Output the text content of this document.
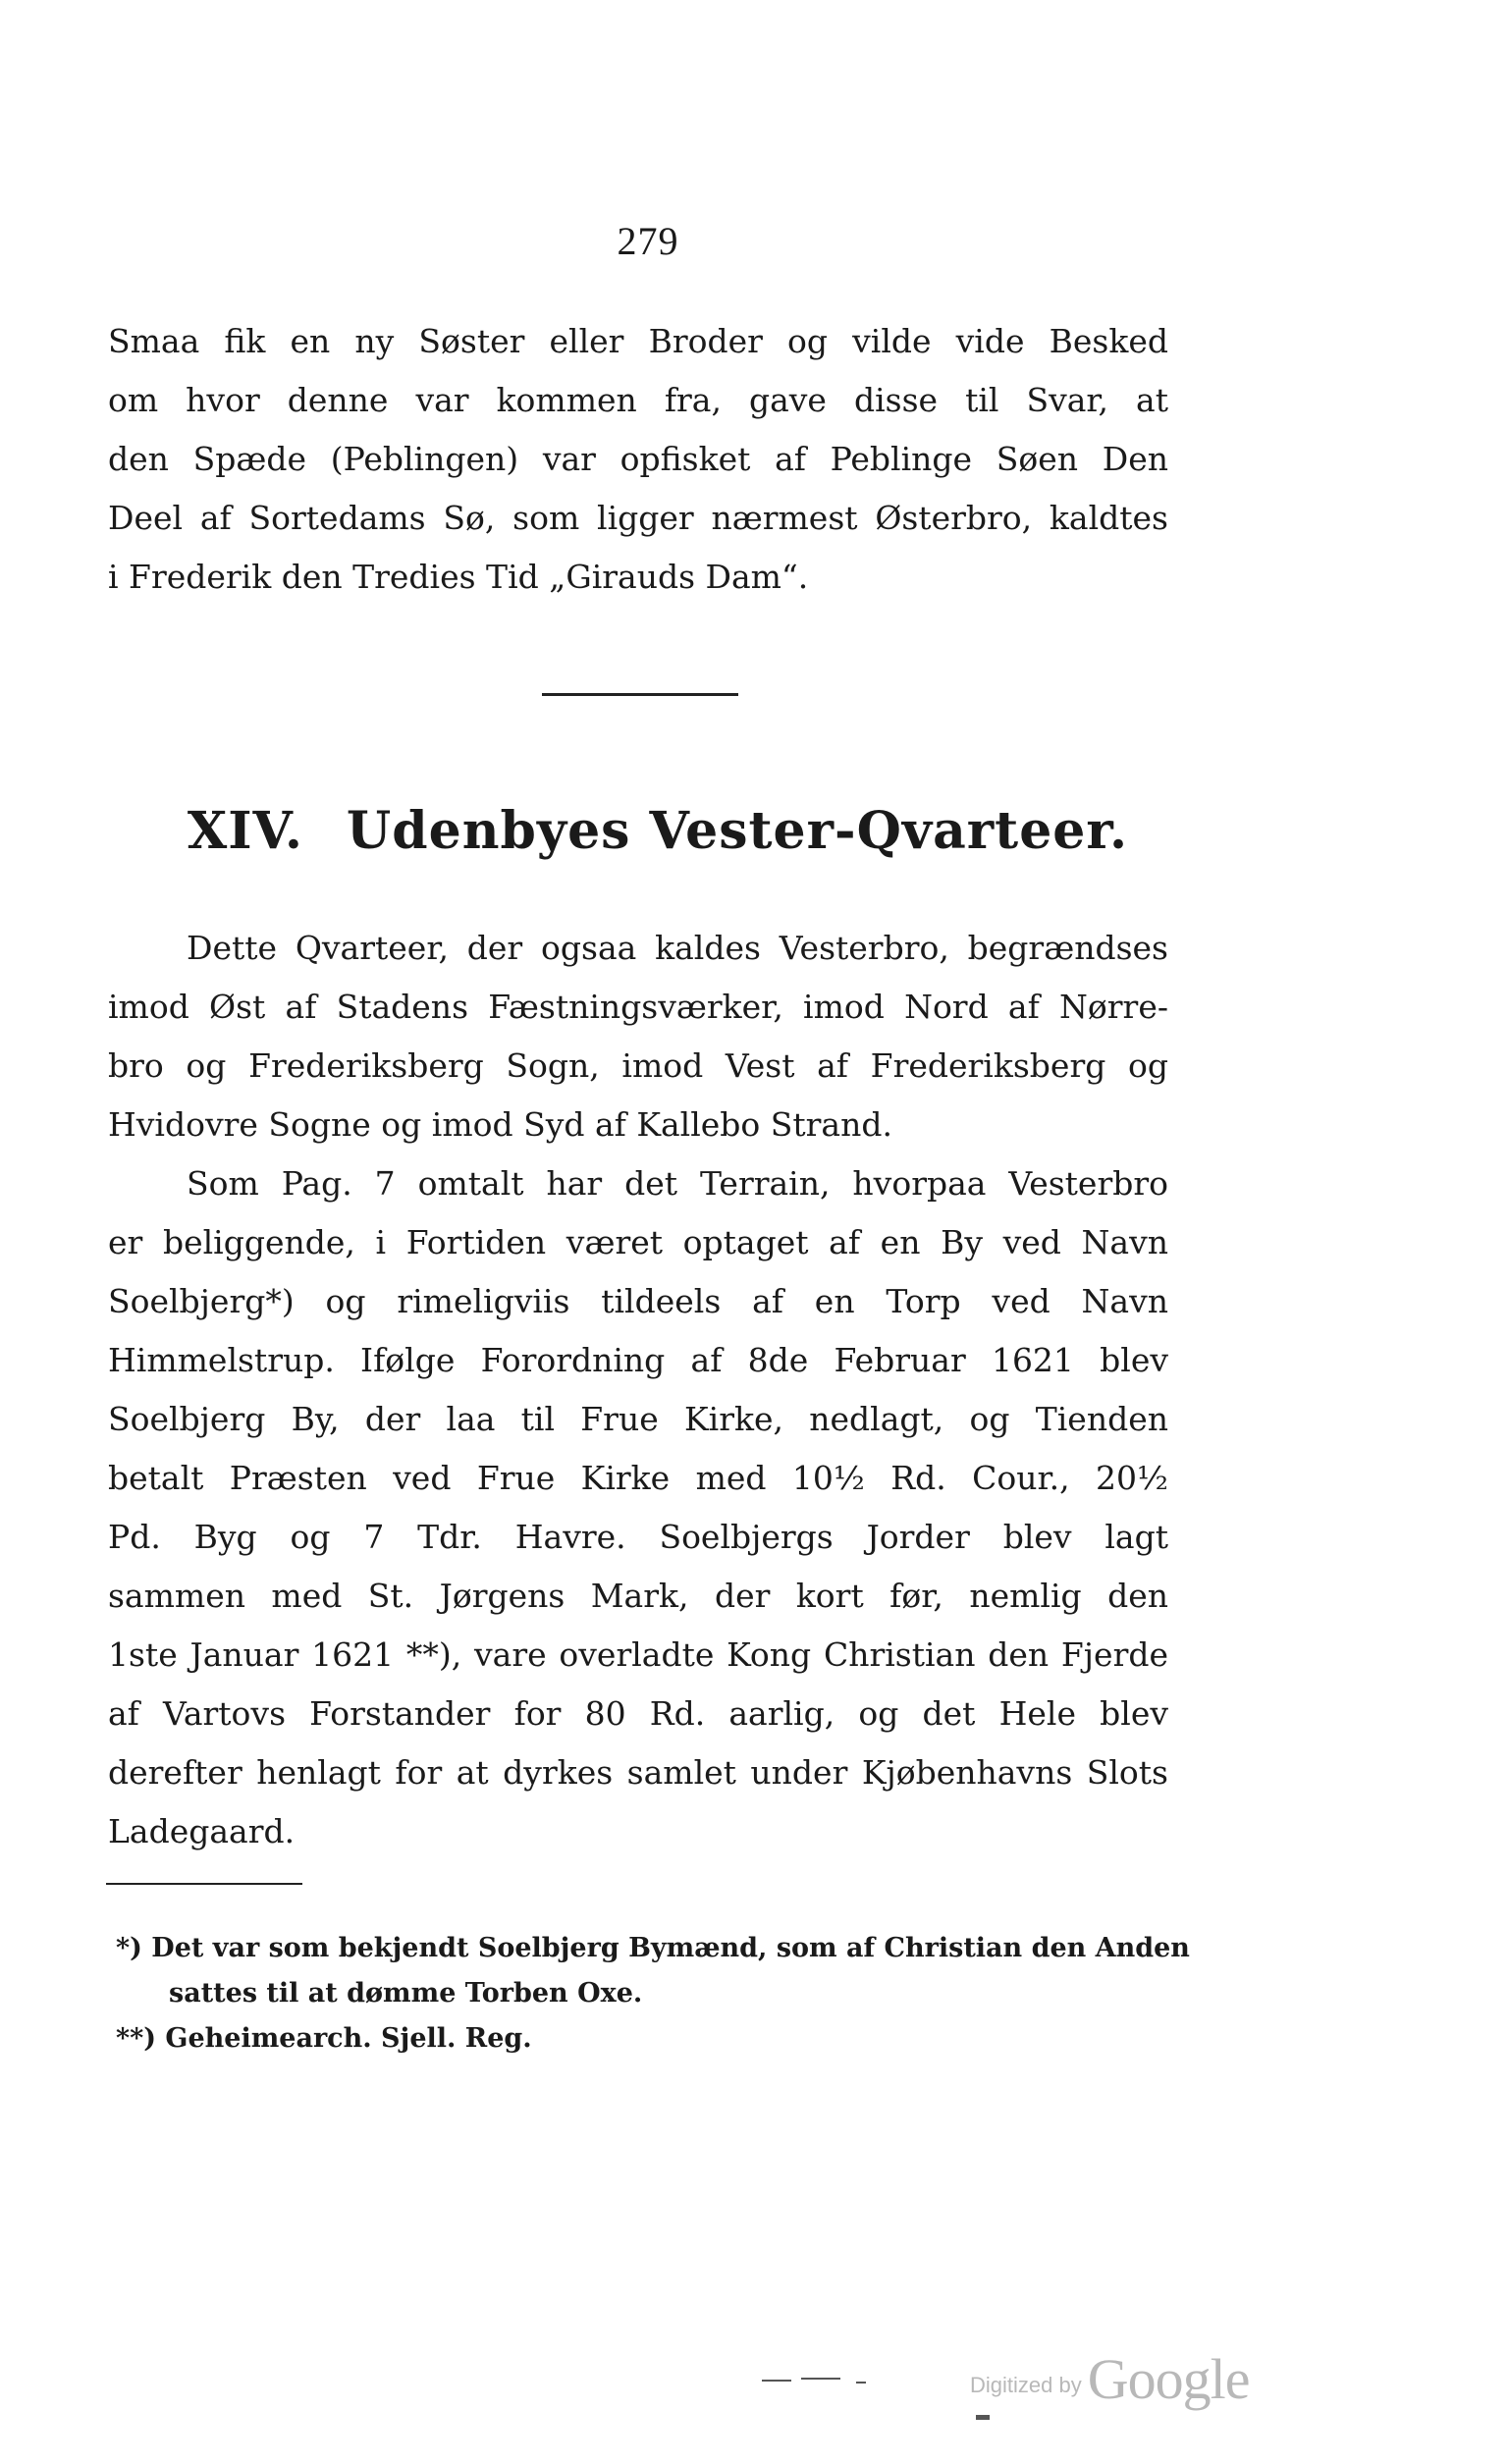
279
Smaa fik en ny Søster eller Broder og vilde vide Besked
om hvor denne var kommen fra, gave disse til Svar, at
den Spæde (Peblingen) var opfisket af Peblinge Søen Den
Deel af Sortedams Sø, som ligger nærmest Østerbro, kaldtes
i Frederik den Tredies Tid „Girauds Dam“.
XIV. Udenbyes Vester-Qvarteer.
Dette Qvarteer, der ogsaa kaldes Vesterbro, begrændses
imod Øst af Stadens Fæstningsværker, imod Nord af Nørre-
bro og Frederiksberg Sogn, imod Vest af Frederiksberg og
Hvidovre Sogne og imod Syd af Kallebo Strand.
Som Pag. 7 omtalt har det Terrain, hvorpaa Vesterbro
er beliggende, i Fortiden været optaget af en By ved Navn
Soelbjerg*) og rimeligviis tildeels af en Torp ved Navn
Himmelstrup. Ifølge Forordning af 8de Februar 1621 blev
Soelbjerg By, der laa til Frue Kirke, nedlagt, og Tienden
betalt Præsten ved Frue Kirke med 10½ Rd. Cour., 20½
Pd. Byg og 7 Tdr. Havre. Soelbjergs Jorder blev lagt
sammen med St. Jørgens Mark, der kort før, nemlig den
1ste Januar 1621 **), vare overladte Kong Christian den Fjerde
af Vartovs Forstander for 80 Rd. aarlig, og det Hele blev
derefter henlagt for at dyrkes samlet under Kjøbenhavns Slots
Ladegaard.
*) Det var som bekjendt Soelbjerg Bymænd, som af Christian den Anden
sattes til at dømme Torben Oxe.
**) Geheimearch. Sjell. Reg.
Digitized by Google
